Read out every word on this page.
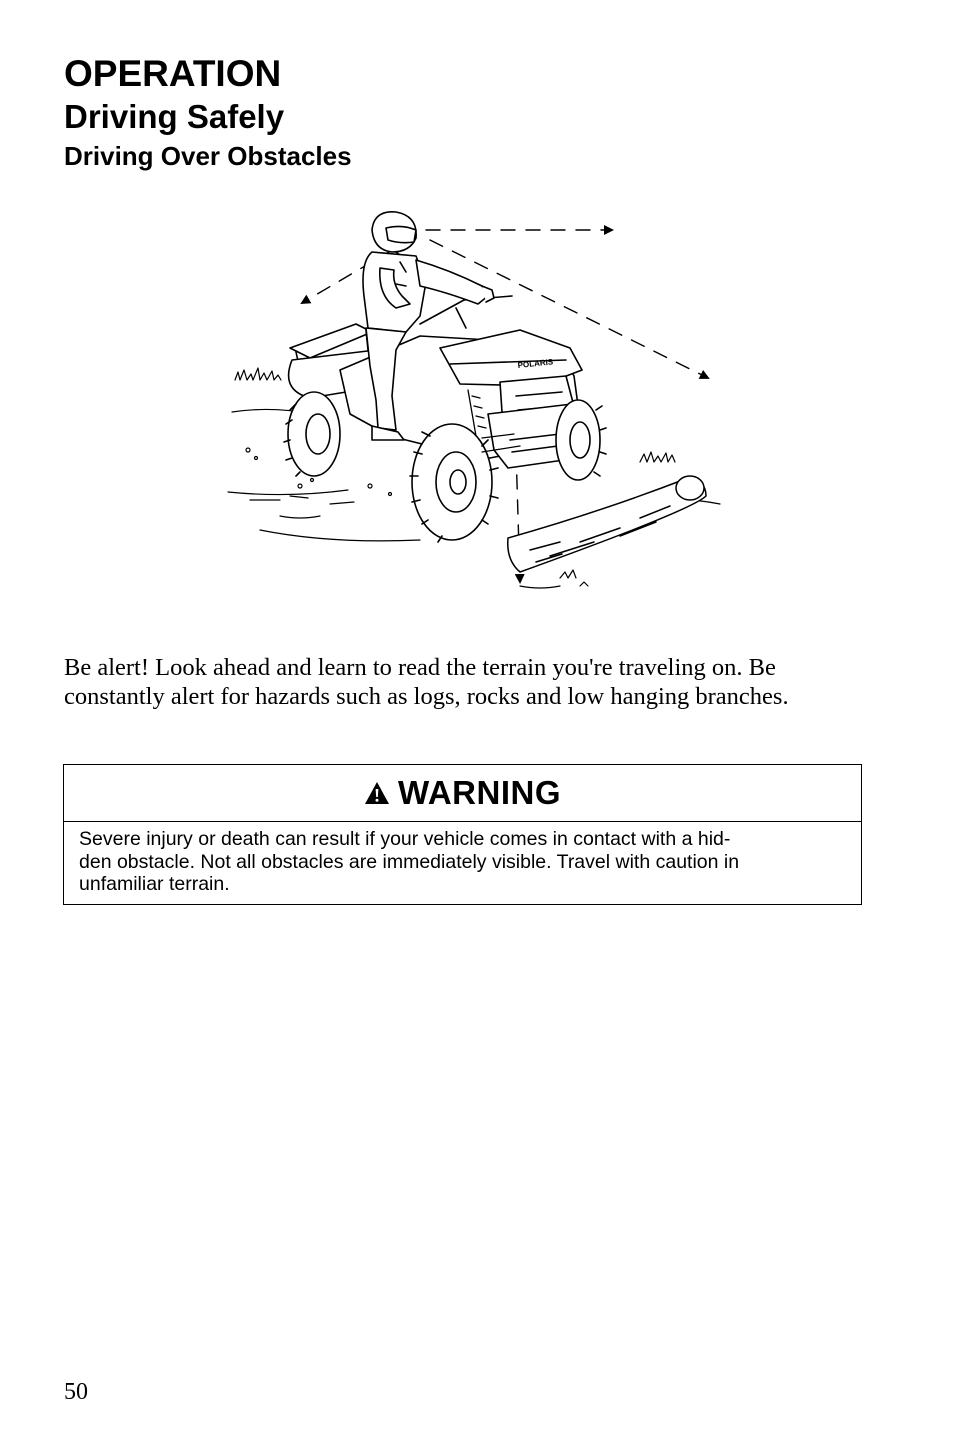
OPERATION
Driving Safely
Driving Over Obstacles
POLARIS

Be alert! Look ahead and learn to read the terrain you're traveling on. Be constantly alert for hazards such as logs, rocks and low hanging branches.

WARNING
Severe injury or death can result if your vehicle comes in contact with a hid-
den obstacle. Not all obstacles are immediately visible. Travel with caution in
unfamiliar terrain.
50
